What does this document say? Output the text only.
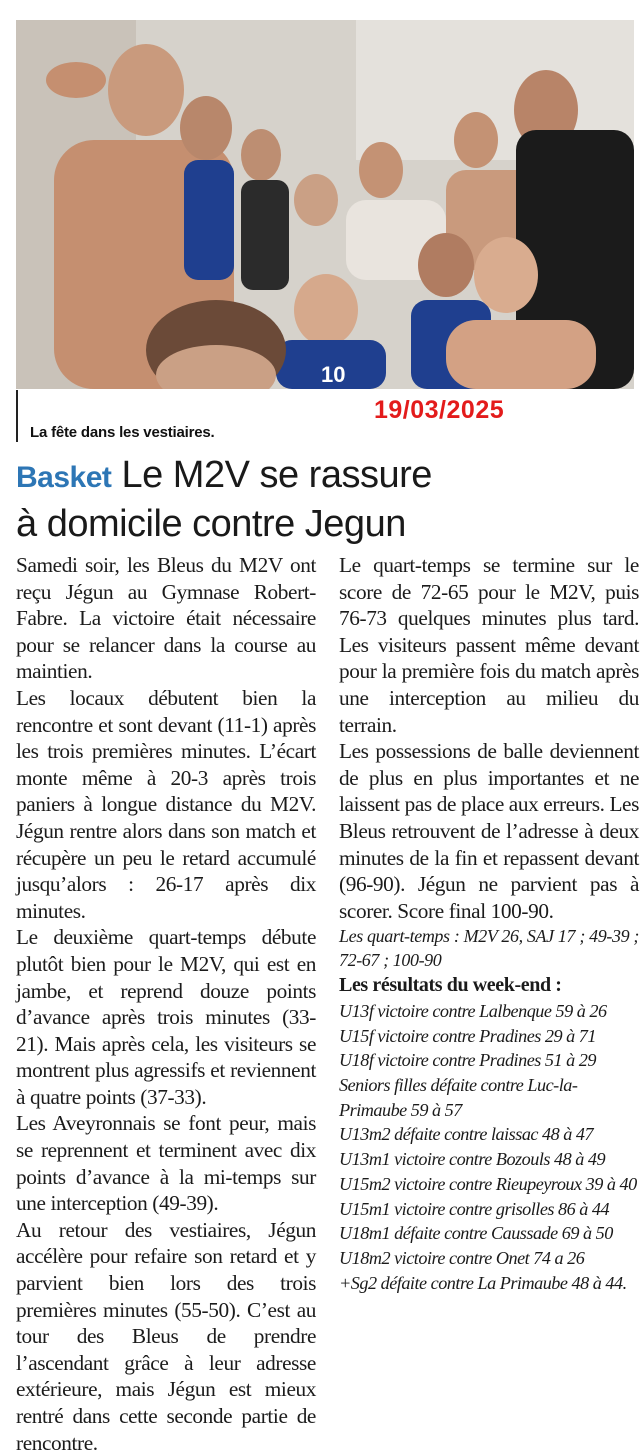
10
La fête dans les vestiaires.
19/03/2025
Basket Le M2V se rassure
à domicile contre Jegun

Samedi soir, les Bleus du M2V ont reçu Jégun au Gymnase Robert-Fabre. La victoire était nécessaire pour se relancer dans la course au maintien.

Les locaux débutent bien la rencontre et sont devant (11-1) après les trois premières minutes. L’écart monte même à 20-3 après trois paniers à longue distance du M2V. Jégun rentre alors dans son match et récupère un peu le retard accumulé jusqu’alors : 26-17 après dix minutes.

Le deuxième quart-temps débute plutôt bien pour le M2V, qui est en jambe, et reprend douze points d’avance après trois minutes (33-21). Mais après cela, les visiteurs se montrent plus agressifs et reviennent à quatre points (37-33).

Les Aveyronnais se font peur, mais se reprennent et terminent avec dix points d’avance à la mi-temps sur une interception (49-39).

Au retour des vestiaires, Jégun accélère pour refaire son retard et y parvient bien lors des trois premières minutes (55-50). C’est au tour des Bleus de prendre l’ascendant grâce à leur adresse extérieure, mais Jégun est mieux rentré dans cette seconde partie de rencontre.

Le quart-temps se termine sur le score de 72-65 pour le M2V, puis 76-73 quelques minutes plus tard. Les visiteurs passent même devant pour la première fois du match après une interception au milieu du terrain.

Les possessions de balle deviennent de plus en plus importantes et ne laissent pas de place aux erreurs. Les Bleus retrouvent de l’adresse à deux minutes de la fin et repassent devant (96-90). Jégun ne parvient pas à scorer. Score final 100-90.

Les quart-temps : M2V 26, SAJ 17 ; 49-39 ; 72-67 ; 100-90

Les résultats du week-end :

U13f victoire contre Lalbenque 59 à 26
U15f victoire contre Pradines 29 à 71
U18f victoire contre Pradines 51 à 29
Seniors filles défaite contre Luc-la-Primaube 59 à 57
U13m2 défaite contre laissac 48 à 47
U13m1 victoire contre Bozouls 48 à 49
U15m2 victoire contre Rieupeyroux 39 à 40
U15m1 victoire contre grisolles 86 à 44
U18m1 défaite contre Caussade 69 à 50
U18m2 victoire contre Onet 74 a 26
+Sg2 défaite contre La Primaube 48 à 44.
